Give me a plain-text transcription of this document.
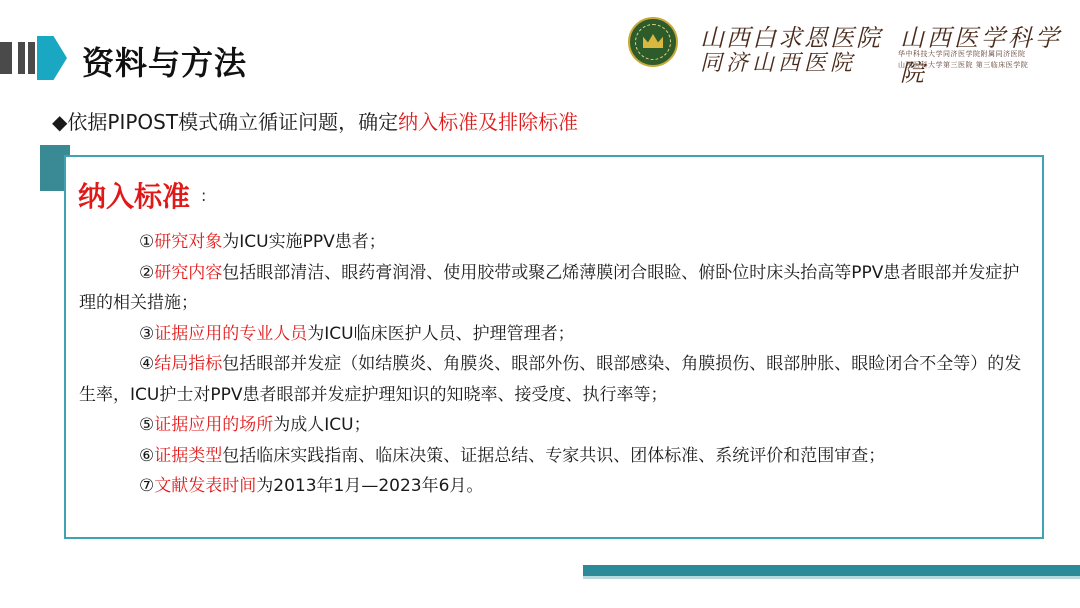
资料与方法
山西白求恩医院
同济山西医院
山西医学科学院
华中科技大学同济医学院附属同济医院
山西医科大学第三医院 第三临床医学院
◆依据PIPOST模式确立循证问题，确定纳入标准及排除标准
纳入标准 :

①研究对象为ICU实施PPV患者；

②研究内容包括眼部清洁、眼药膏润滑、使用胶带或聚乙烯薄膜闭合眼睑、俯卧位时床头抬高等PPV患者眼部并发症护理的相关措施；

③证据应用的专业人员为ICU临床医护人员、护理管理者；

④结局指标包括眼部并发症（如结膜炎、角膜炎、眼部外伤、眼部感染、角膜损伤、眼部肿胀、眼睑闭合不全等）的发生率，ICU护士对PPV患者眼部并发症护理知识的知晓率、接受度、执行率等；

⑤证据应用的场所为成人ICU；

⑥证据类型包括临床实践指南、临床决策、证据总结、专家共识、团体标准、系统评价和范围审查；

⑦文献发表时间为2013年1月—2023年6月。
